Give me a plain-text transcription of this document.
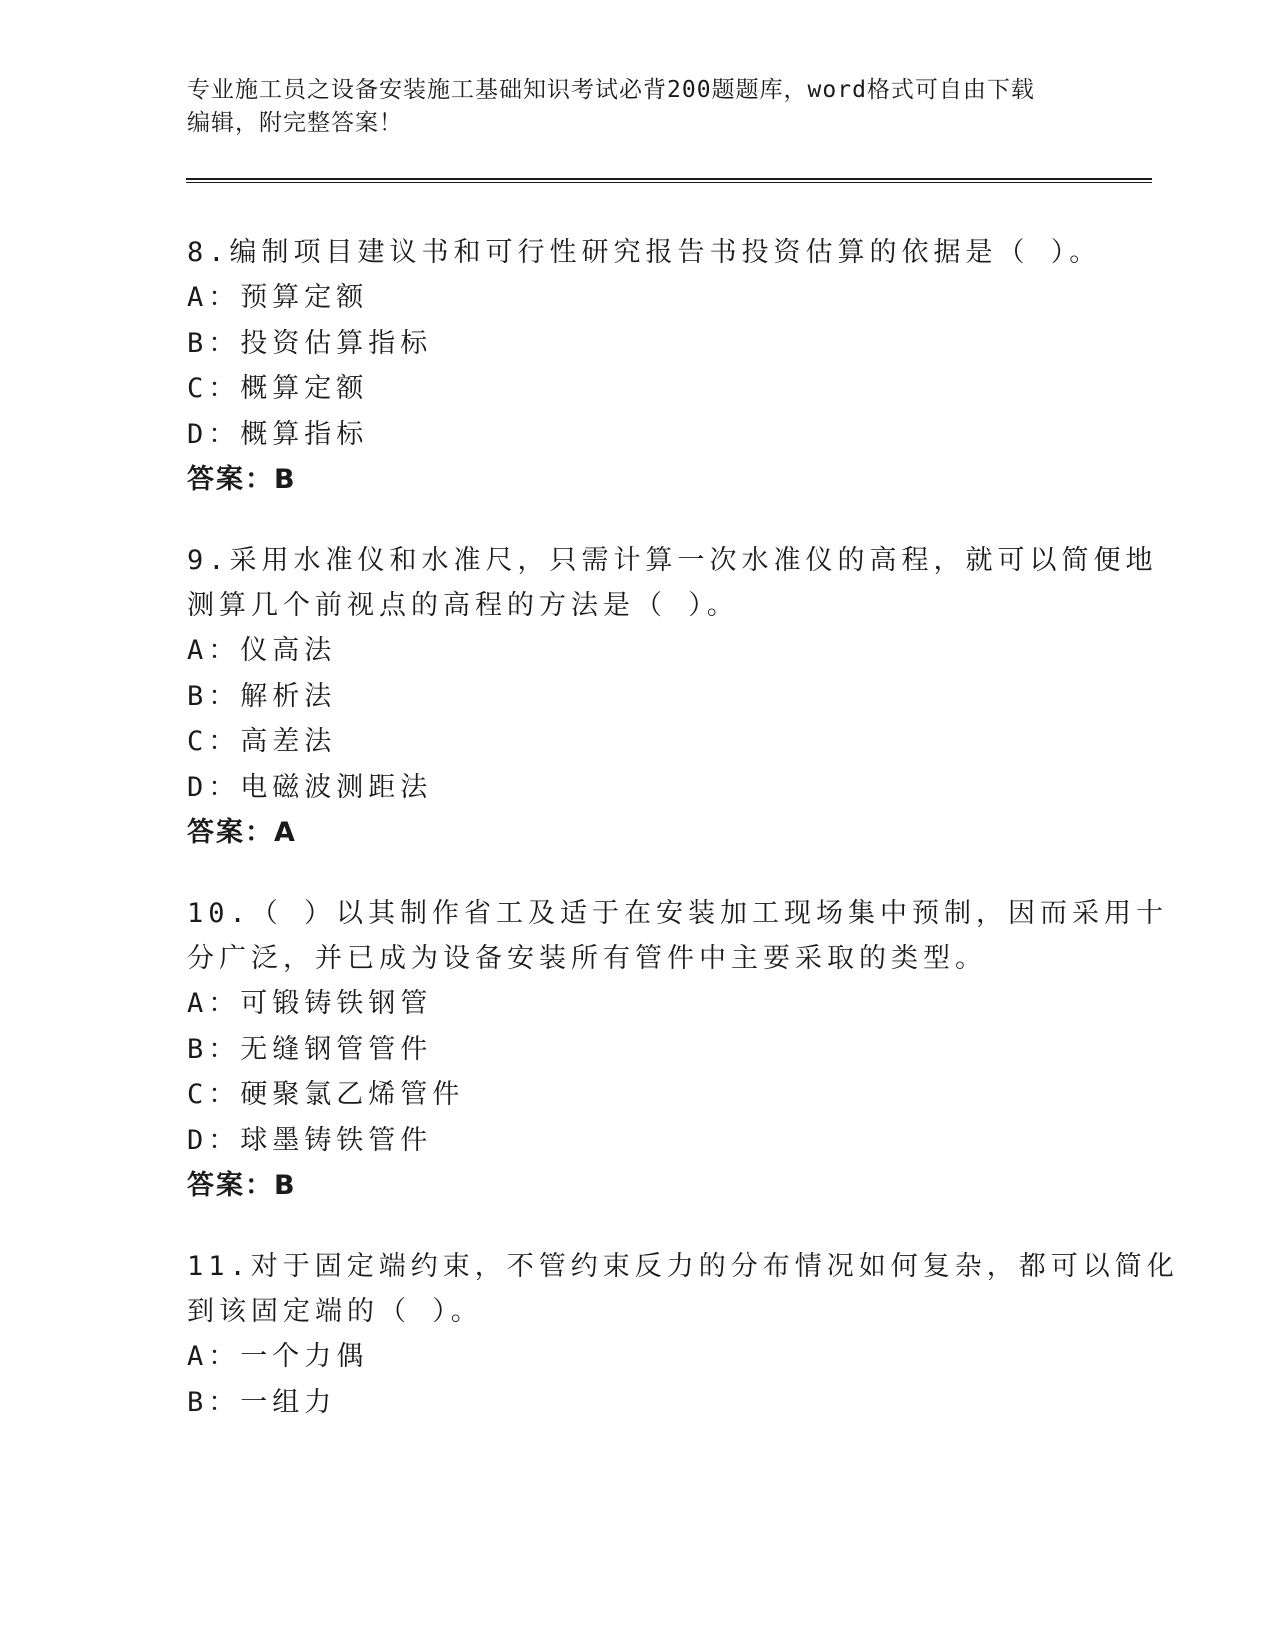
专业施工员之设备安装施工基础知识考试必背200题题库，word格式可自由下载
编辑，附完整答案！
8.编制项目建议书和可行性研究报告书投资估算的依据是（ ）。
A：预算定额
B：投资估算指标
C：概算定额
D：概算指标
答案：B
9.采用水准仪和水准尺，只需计算一次水准仪的高程，就可以简便地
测算几个前视点的高程的方法是（ ）。
A：仪高法
B：解析法
C：高差法
D：电磁波测距法
答案：A
10.（ ）以其制作省工及适于在安装加工现场集中预制，因而采用十
分广泛，并已成为设备安装所有管件中主要采取的类型。
A：可锻铸铁钢管
B：无缝钢管管件
C：硬聚氯乙烯管件
D：球墨铸铁管件
答案：B
11.对于固定端约束，不管约束反力的分布情况如何复杂，都可以简化
到该固定端的（ ）。
A：一个力偶
B：一组力
